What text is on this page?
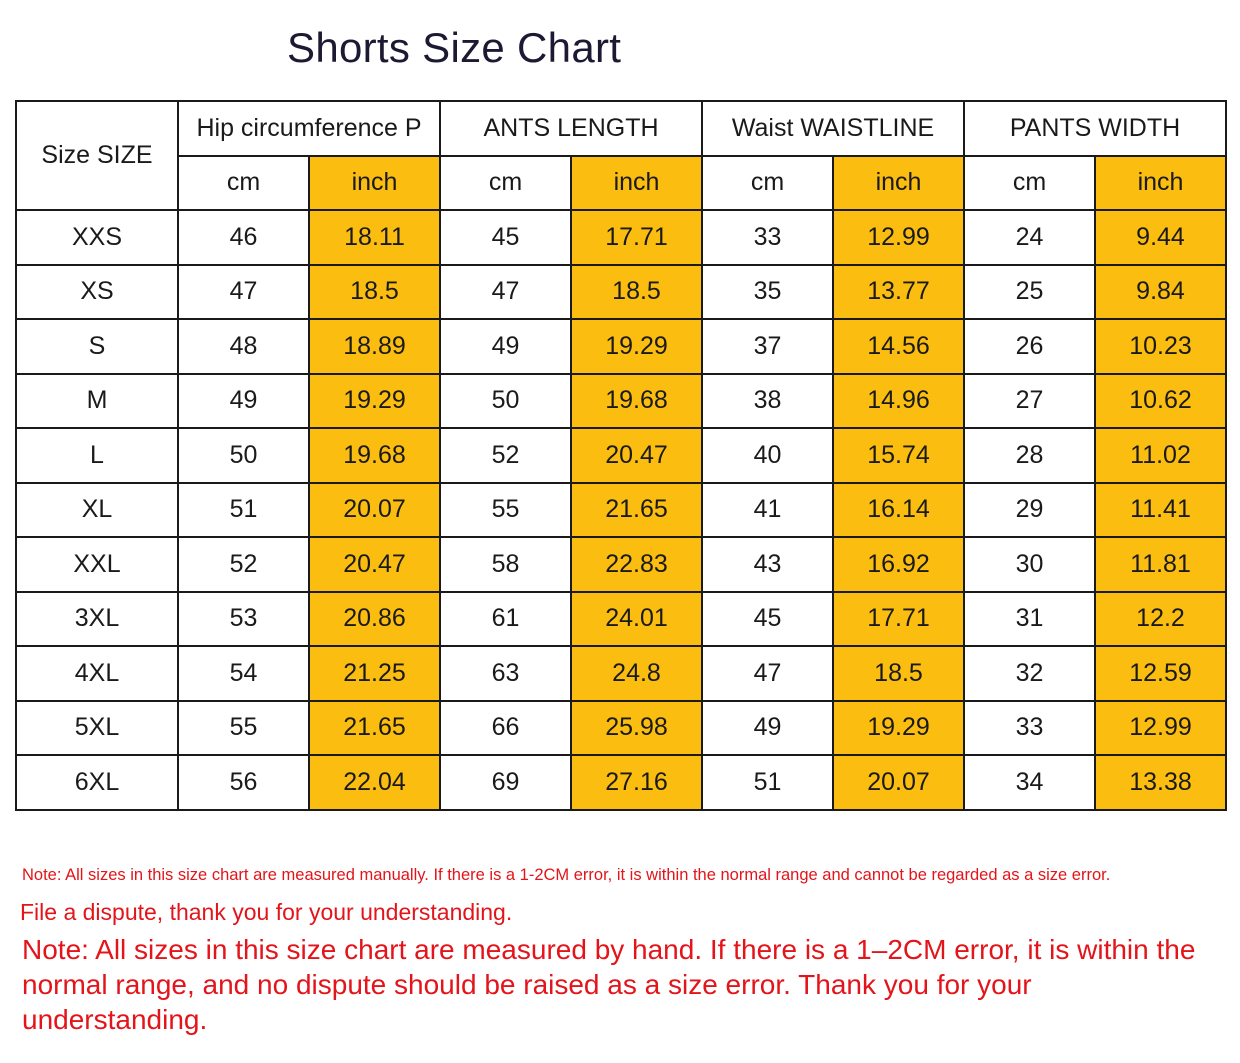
Shorts Size Chart
Size SIZE	Hip circumference P		ANTS LENGTH		Waist WAISTLINE		PANTS WIDTH	
	cm	inch	cm	inch	cm	inch	cm	inch
XXS	46	18.11	45	17.71	33	12.99	24	9.44
XS	47	18.5	47	18.5	35	13.77	25	9.84
S	48	18.89	49	19.29	37	14.56	26	10.23
M	49	19.29	50	19.68	38	14.96	27	10.62
L	50	19.68	52	20.47	40	15.74	28	11.02
XL	51	20.07	55	21.65	41	16.14	29	11.41
XXL	52	20.47	58	22.83	43	16.92	30	11.81
3XL	53	20.86	61	24.01	45	17.71	31	12.2
4XL	54	21.25	63	24.8	47	18.5	32	12.59
5XL	55	21.65	66	25.98	49	19.29	33	12.99
6XL	56	22.04	69	27.16	51	20.07	34	13.38

Note: All sizes in this size chart are measured manually. If there is a 1-2CM error, it is within the normal range and cannot be regarded as a size error.

File a dispute, thank you for your understanding.

Note: All sizes in this size chart are measured by hand. If there is a 1–2CM error, it is within the normal range, and no dispute should be raised as a size error. Thank you for your understanding.
